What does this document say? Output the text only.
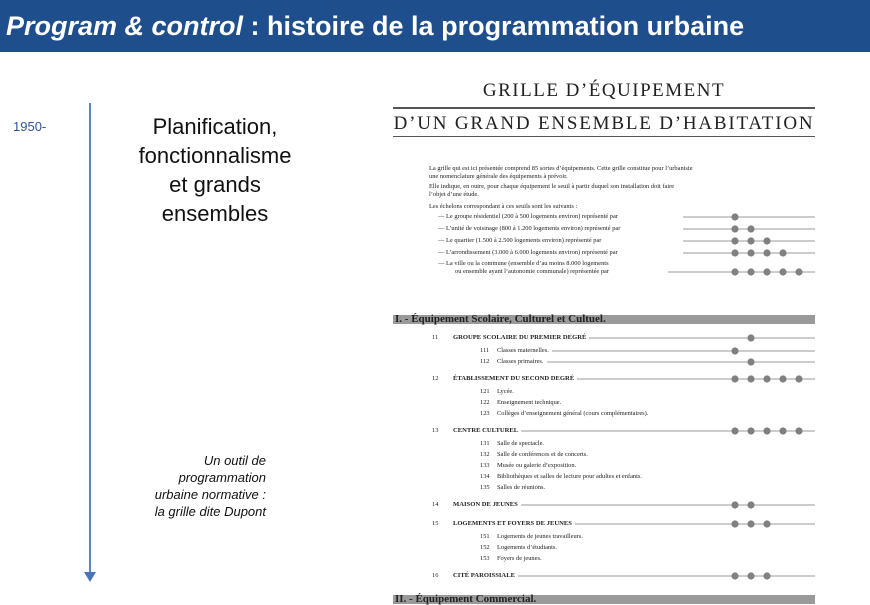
Program & control : histoire de la programmation urbaine
1950-	Planification, fonctionnalisme et grands ensembles
Un outil de programmation urbaine normative : la grille dite Dupont
GRILLE D’ÉQUIPEMENT
D’UN GRAND ENSEMBLE D’HABITATION
La grille qui est ici présentée comprend 85 sortes d’équipements. Cette grille constitue pour l’urbaniste
une nomenclature générale des équipements à prévoir.
Elle indique, en outre, pour chaque équipement le seuil à partir duquel son installation doit faire
l’objet d’une étude.
Les échelons correspondant à ces seuils sont les suivants :
— Le groupe résidentiel (200 à 500 logements environ) représenté par
— L’unité de voisinage (800 à 1.200 logements environ) représenté par
— Le quartier (1.500 à 2.500 logements environ) représenté par
— L’arrondissement (3.000 à 6.000 logements environ) représenté par
— La ville ou la commune (ensemble d’au moins 8.000 logements
ou ensemble ayant l’autonomie communale) représentée par
I. - Équipement Scolaire, Culturel et Cultuel.
11 GROUPE SCOLAIRE DU PREMIER DEGRÉ
111 Classes maternelles.
112 Classes primaires.
12 ÉTABLISSEMENT DU SECOND DEGRÉ
121 Lycée.
122 Enseignement technique.
123 Collèges d’enseignement général (cours complémentaires).
13 CENTRE CULTUREL
131 Salle de spectacle.
132 Salle de conférences et de concerts.
133 Musée ou galerie d’exposition.
134 Bibliothèques et salles de lecture pour adultes et enfants.
135 Salles de réunions.
14 MAISON DE JEUNES
15 LOGEMENTS ET FOYERS DE JEUNES
151 Logements de jeunes travailleurs.
152 Logements d’étudiants.
153 Foyers de jeunes.
16 CITÉ PAROISSIALE
II. - Équipement Commercial.
